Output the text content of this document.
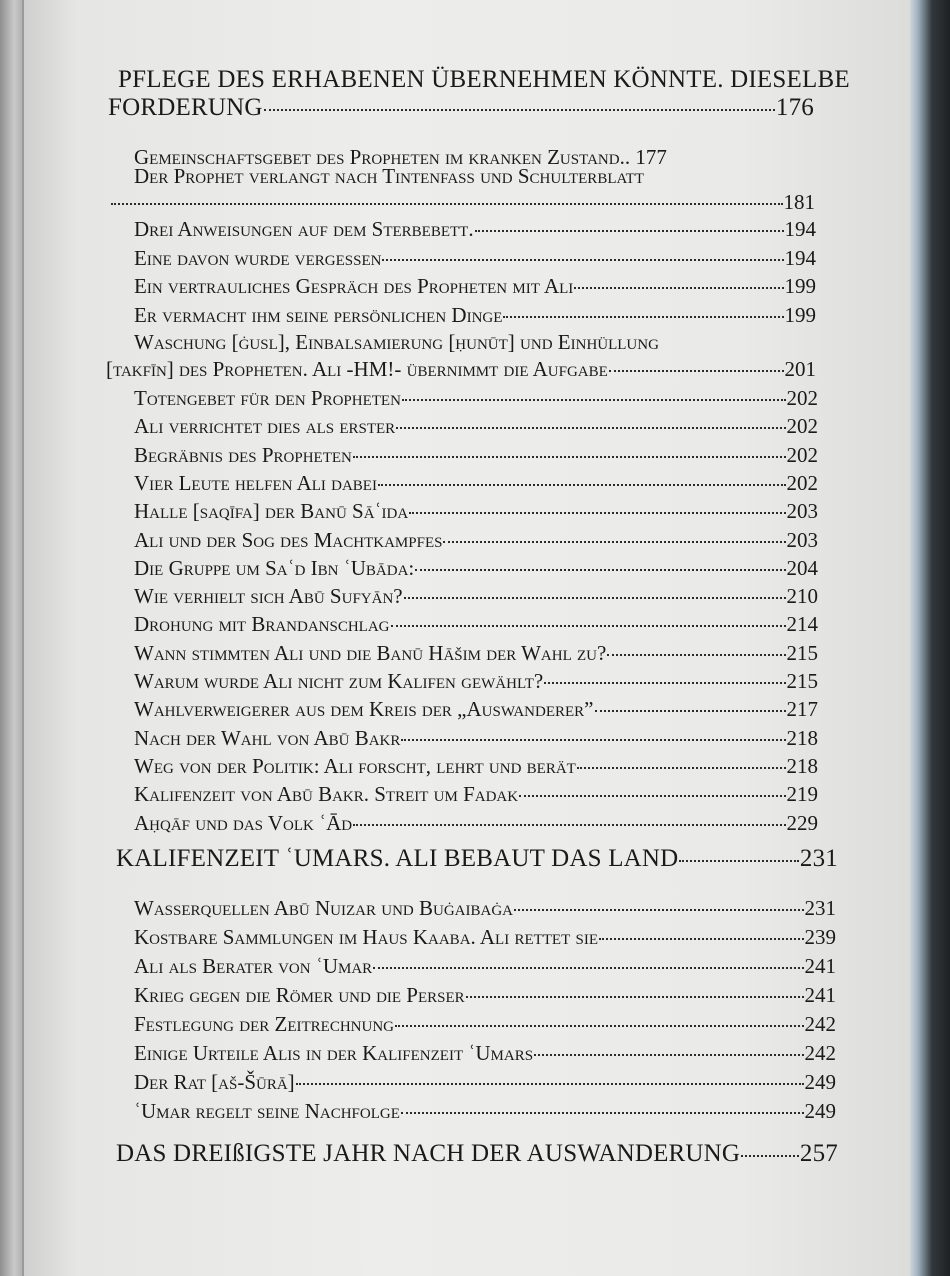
PFLEGE DES ERHABENEN ÜBERNEHMEN KÖNNTE. DIESELBE
FORDERUNG	176
Gemeinschaftsgebet des Propheten im kranken Zustand.. 177
Der Prophet verlangt nach Tintenfass und Schulterblatt
181
Drei Anweisungen auf dem Sterbebett.	194
Eine davon wurde vergessen	194
Ein vertrauliches Gespräch des Propheten mit Ali	199
Er vermacht ihm seine persönlichen Dinge	199
Waschung [ġusl], Einbalsamierung [ḥunūt] und Einhüllung
[takfīn] des Propheten. Ali -HM!- übernimmt die Aufgabe	201
Totengebet für den Propheten	202
Ali verrichtet dies als erster	202
Begräbnis des Propheten	202
Vier Leute helfen Ali dabei	202
Halle [saqīfa] der Banū Sāʿida	203
Ali und der Sog des Machtkampfes	203
Die Gruppe um Saʿd Ibn ʿUbāda:	204
Wie verhielt sich Abū Sufyān?	210
Drohung mit Brandanschlag	214
Wann stimmten Ali und die Banū Hāšim der Wahl zu?	215
Warum wurde Ali nicht zum Kalifen gewählt?	215
Wahlverweigerer aus dem Kreis der „Auswanderer”	217
Nach der Wahl von Abū Bakr	218
Weg von der Politik: Ali forscht, lehrt und berät	218
Kalifenzeit von Abū Bakr. Streit um Fadak	219
Aḥqāf und das Volk ʿĀd	229
KALIFENZEIT ʿUMARS. ALI BEBAUT DAS LAND	231
Wasserquellen Abū Nuizar und Buġaibaġa	231
Kostbare Sammlungen im Haus Kaaba. Ali rettet sie	239
Ali als Berater von ʿUmar	241
Krieg gegen die Römer und die Perser	241
Festlegung der Zeitrechnung	242
Einige Urteile Alis in der Kalifenzeit ʿUmars	242
Der Rat [aš-Šūrā]	249
ʿUmar regelt seine Nachfolge	249
DAS DREIßIGSTE JAHR NACH DER AUSWANDERUNG 257
